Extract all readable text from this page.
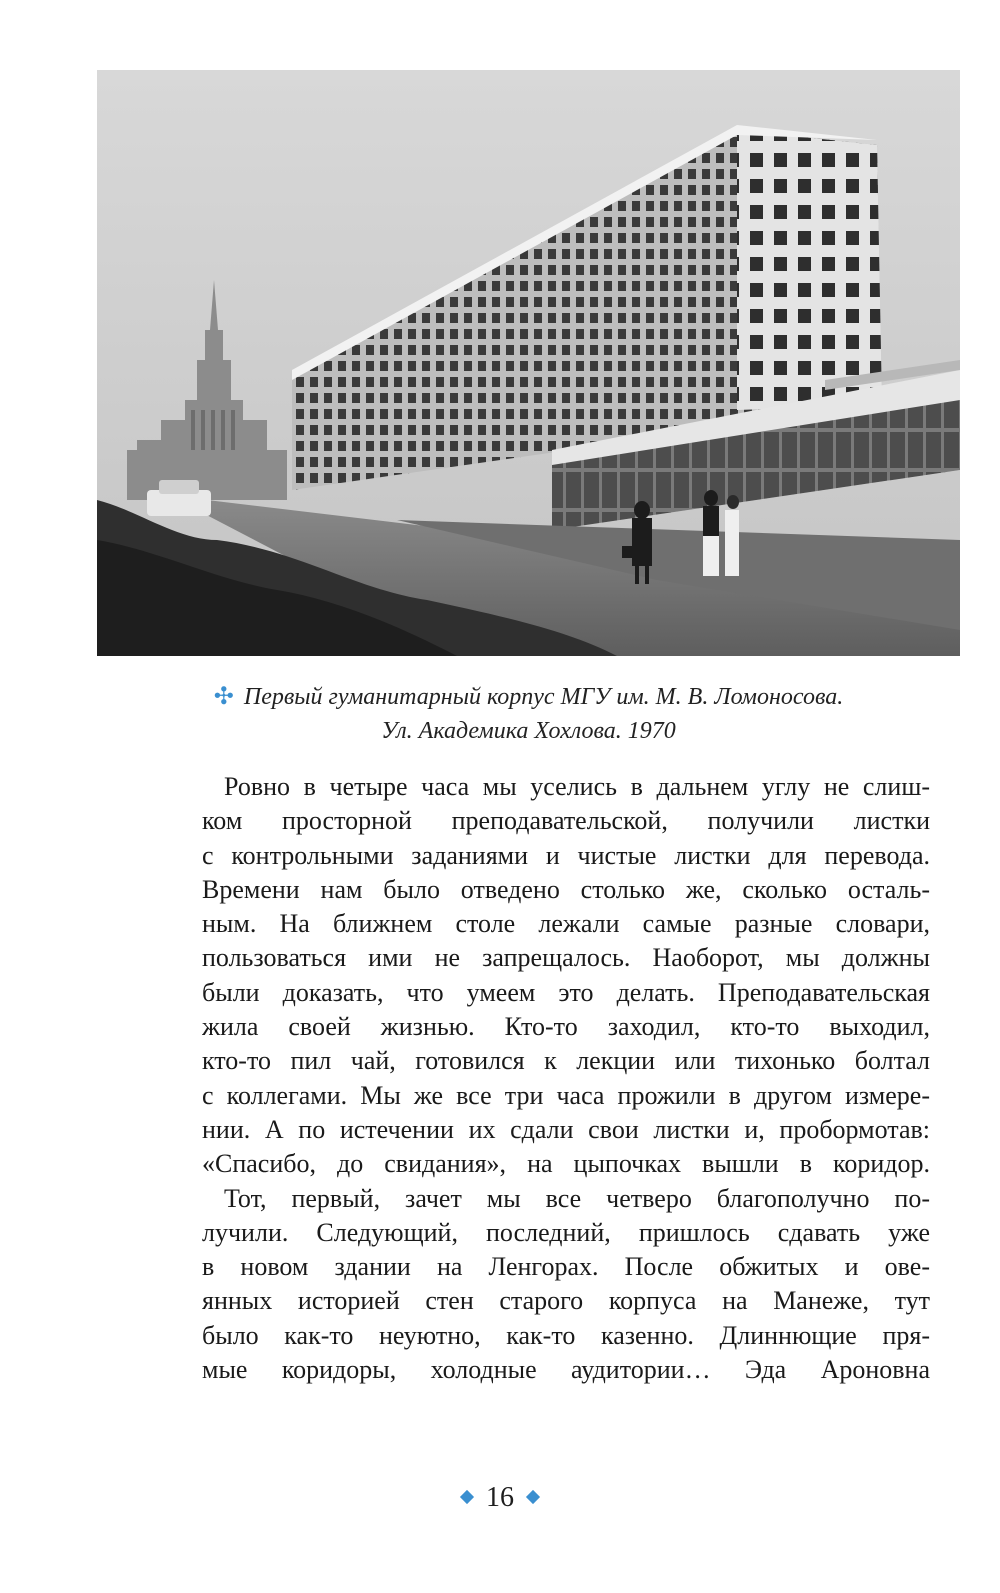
✣ Первый гуманитарный корпус МГУ им. М. В. Ломоносова.
Ул. Академика Хохлова. 1970
Ровно в четыре часа мы уселись в дальнем углу не слиш-
ком просторной преподавательской, получили листки
с контрольными заданиями и чистые листки для перевода.
Времени нам было отведено столько же, сколько осталь-
ным. На ближнем столе лежали самые разные словари,
пользоваться ими не запрещалось. Наоборот, мы должны
были доказать, что умеем это делать. Преподавательская
жила своей жизнью. Кто-то заходил, кто-то выходил,
кто-то пил чай, готовился к лекции или тихонько болтал
с коллегами. Мы же все три часа прожили в другом измере-
нии. А по истечении их сдали свои листки и, пробормотав:
«Спасибо, до свидания», на цыпочках вышли в коридор.
Тот, первый, зачет мы все четверо благополучно по-
лучили. Следующий, последний, пришлось сдавать уже
в новом здании на Ленгорах. После обжитых и ове-
янных историей стен старого корпуса на Манеже, тут
было как-то неуютно, как-то казенно. Длиннющие пря-
мые коридоры, холодные аудитории… Эда Ароновна
16
